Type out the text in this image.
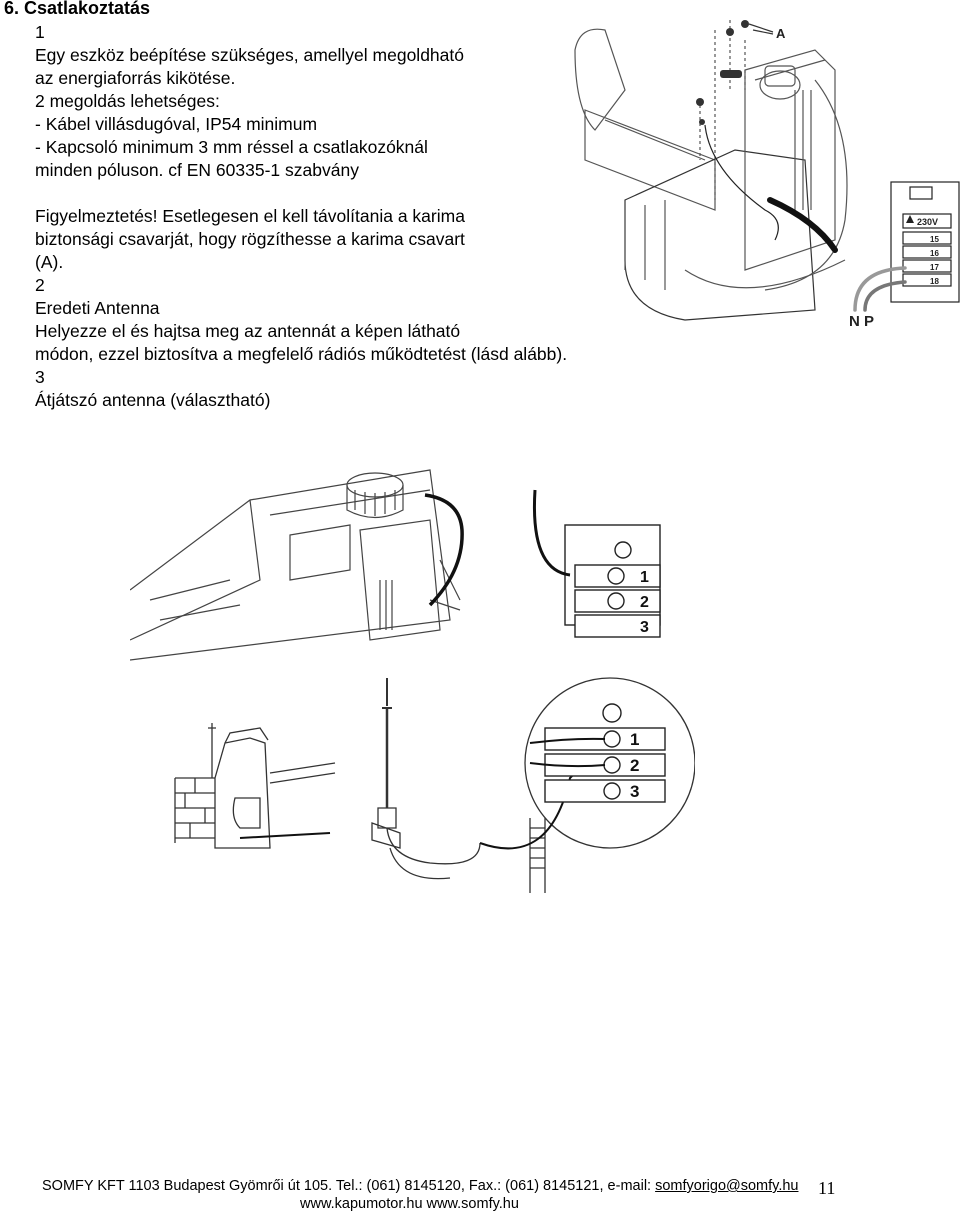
6. Csatlakoztatás
1
Egy eszköz beépítése szükséges, amellyel megoldható
az energiaforrás kikötése.
2 megoldás lehetséges:
- Kábel villásdugóval, IP54 minimum
- Kapcsoló minimum 3 mm réssel a csatlakozóknál
minden póluson. cf EN 60335-1 szabvány
Figyelmeztetés! Esetlegesen el kell távolítania a karima
biztonsági csavarját, hogy rögzíthesse a karima csavart
(A).
2
Eredeti Antenna
Helyezze el és hajtsa meg az antennát a képen látható
módon, ezzel biztosítva a megfelelő rádiós működtetést (lásd alább).
3
Átjátszó antenna (választható)
A
230V
15
16
17
18
N P
1
2
3
1
2
3
SOMFY KFT 1103 Budapest Gyömrői út 105. Tel.: (061) 8145120, Fax.: (061) 8145121, e-mail: somfyorigo@somfy.hu
www.kapumotor.hu www.somfy.hu
11
